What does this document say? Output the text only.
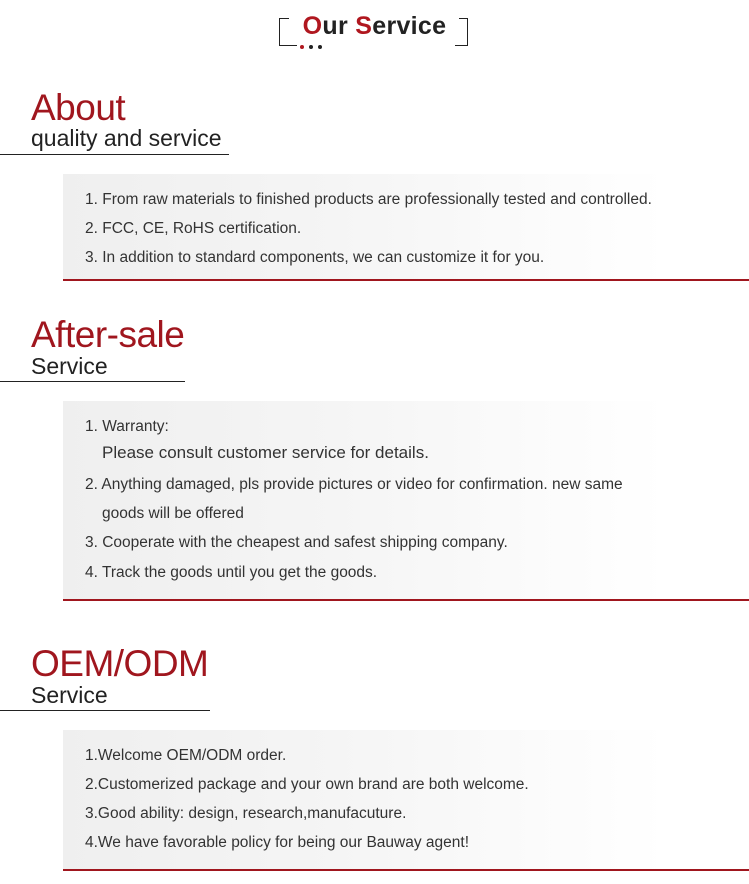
Our Service
About
quality and service
1. From raw materials to finished products are professionally tested and controlled.
2. FCC, CE, RoHS certification.
3. In addition to standard components, we can customize it for you.
After-sale
Service
1. Warranty:
Please consult customer service for details.
2. Anything damaged, pls provide pictures or video for confirmation. new same
goods will be offered
3. Cooperate with the cheapest and safest shipping company.
4. Track the goods until you get the goods.
OEM/ODM
Service
1.Welcome OEM/ODM order.
2.Customerized package and your own brand are both welcome.
3.Good ability: design, research,manufacuture.
4.We have favorable policy for being our Bauway agent!
